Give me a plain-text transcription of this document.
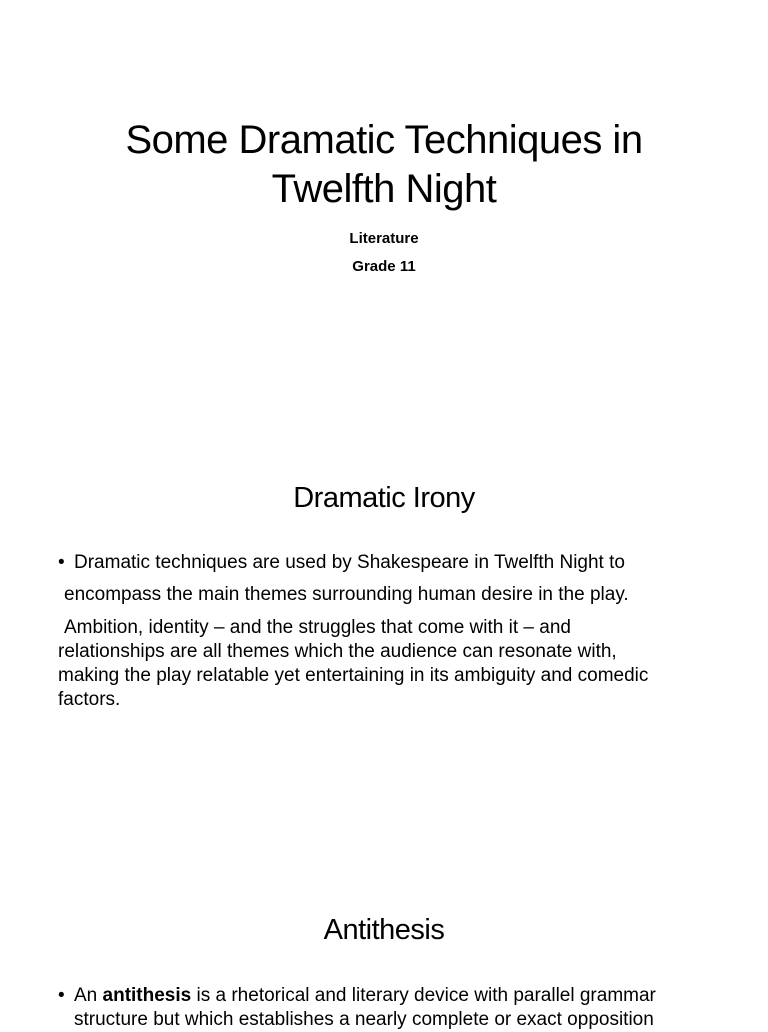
Some Dramatic Techniques in
Twelfth Night
Literature
Grade 11
Dramatic Irony
• Dramatic techniques are used by Shakespeare in Twelfth Night to
encompass the main themes surrounding human desire in the play.
Ambition, identity – and the struggles that come with it – and
relationships are all themes which the audience can resonate with,
making the play relatable yet entertaining in its ambiguity and comedic
factors.
Antithesis
• An antithesis is a rhetorical and literary device with parallel grammar
structure but which establishes a nearly complete or exact opposition
